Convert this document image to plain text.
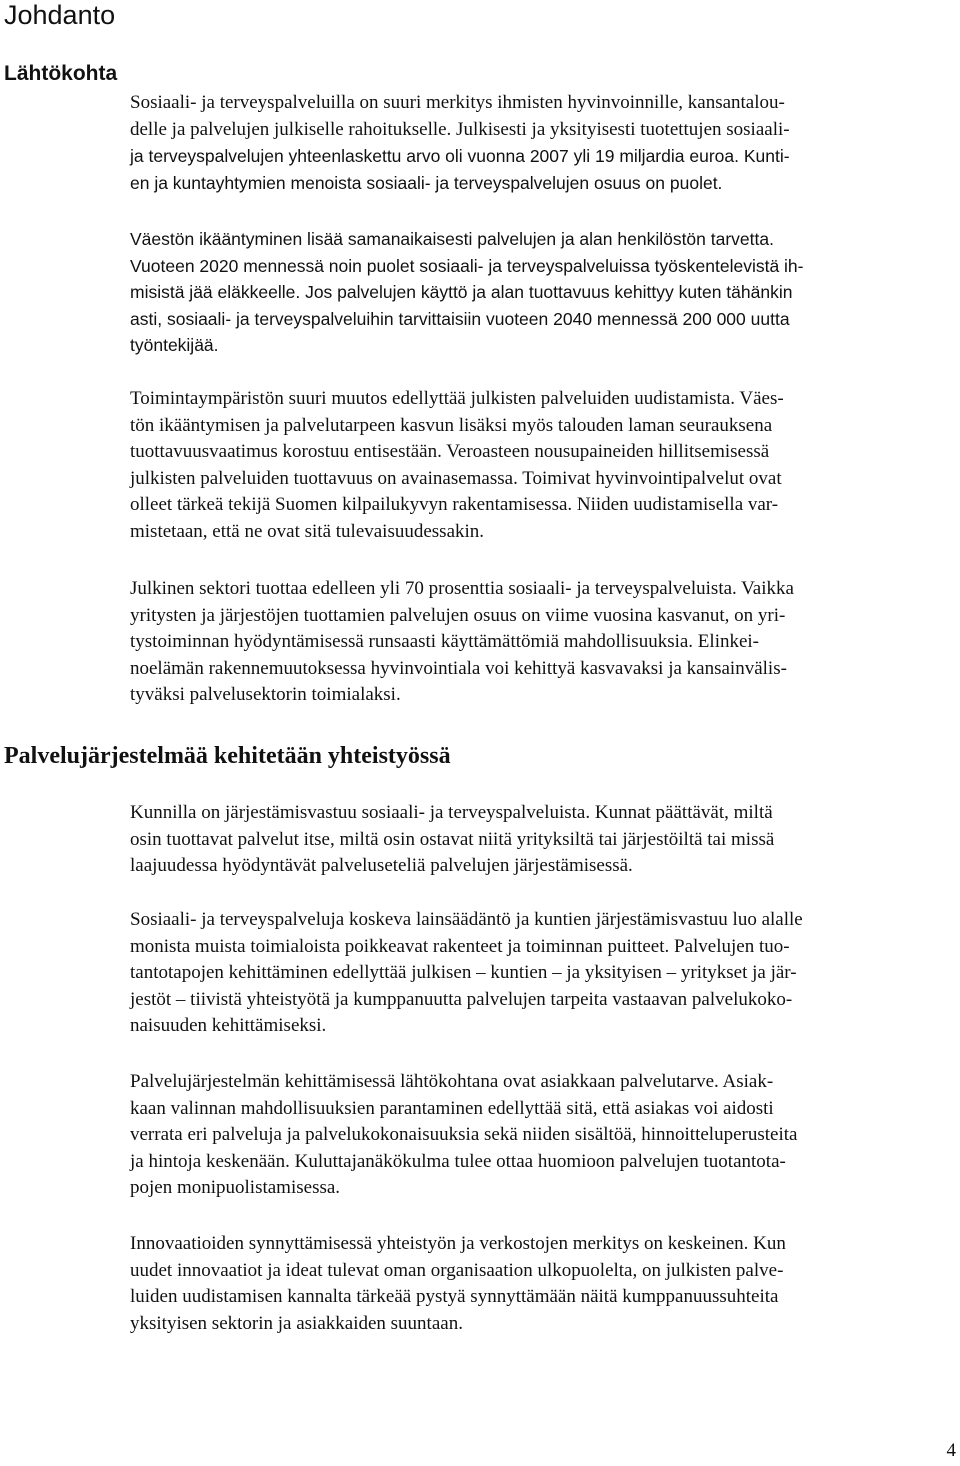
Johdanto
Lähtökohta

Sosiaali- ja terveyspalveluilla on suuri merkitys ihmisten hyvinvoinnille, kansantalou-
delle ja palvelujen julkiselle rahoitukselle. Julkisesti ja yksityisesti tuotettujen sosiaali-
ja terveyspalvelujen yhteenlaskettu arvo oli vuonna 2007 yli 19 miljardia euroa. Kunti-
en ja kuntayhtymien menoista sosiaali- ja terveyspalvelujen osuus on puolet.

Väestön ikääntyminen lisää samanaikaisesti palvelujen ja alan henkilöstön tarvetta.
Vuoteen 2020 mennessä noin puolet sosiaali- ja terveyspalveluissa työskentelevistä ih-
misistä jää eläkkeelle. Jos palvelujen käyttö ja alan tuottavuus kehittyy kuten tähänkin
asti, sosiaali- ja terveyspalveluihin tarvittaisiin vuoteen 2040 mennessä 200 000 uutta
työntekijää.

Toimintaympäristön suuri muutos edellyttää julkisten palveluiden uudistamista. Väes-
tön ikääntymisen ja palvelutarpeen kasvun lisäksi myös talouden laman seurauksena
tuottavuusvaatimus korostuu entisestään. Veroasteen nousupaineiden hillitsemisessä
julkisten palveluiden tuottavuus on avainasemassa. Toimivat hyvinvointipalvelut ovat
olleet tärkeä tekijä Suomen kilpailukyvyn rakentamisessa. Niiden uudistamisella var-
mistetaan, että ne ovat sitä tulevaisuudessakin.

Julkinen sektori tuottaa edelleen yli 70 prosenttia sosiaali- ja terveyspalveluista. Vaikka
yritysten ja järjestöjen tuottamien palvelujen osuus on viime vuosina kasvanut, on yri-
tystoiminnan hyödyntämisessä runsaasti käyttämättömiä mahdollisuuksia. Elinkei-
noelämän rakennemuutoksessa hyvinvointiala voi kehittyä kasvavaksi ja kansainvälis-
tyväksi palvelusektorin toimialaksi.

Palvelujärjestelmää kehitetään yhteistyössä

Kunnilla on järjestämisvastuu sosiaali- ja terveyspalveluista. Kunnat päättävät, miltä
osin tuottavat palvelut itse, miltä osin ostavat niitä yrityksiltä tai järjestöiltä tai missä
laajuudessa hyödyntävät palveluseteliä palvelujen järjestämisessä.

Sosiaali- ja terveyspalveluja koskeva lainsäädäntö ja kuntien järjestämisvastuu luo alalle
monista muista toimialoista poikkeavat rakenteet ja toiminnan puitteet. Palvelujen tuo-
tantotapojen kehittäminen edellyttää julkisen – kuntien – ja yksityisen – yritykset ja jär-
jestöt – tiivistä yhteistyötä ja kumppanuutta palvelujen tarpeita vastaavan palvelukoko-
naisuuden kehittämiseksi.

Palvelujärjestelmän kehittämisessä lähtökohtana ovat asiakkaan palvelutarve. Asiak-
kaan valinnan mahdollisuuksien parantaminen edellyttää sitä, että asiakas voi aidosti
verrata eri palveluja ja palvelukokonaisuuksia sekä niiden sisältöä, hinnoitteluperusteita
ja hintoja keskenään. Kuluttajanäkökulma tulee ottaa huomioon palvelujen tuotantota-
pojen monipuolistamisessa.

Innovaatioiden synnyttämisessä yhteistyön ja verkostojen merkitys on keskeinen. Kun
uudet innovaatiot ja ideat tulevat oman organisaation ulkopuolelta, on julkisten palve-
luiden uudistamisen kannalta tärkeää pystyä synnyttämään näitä kumppanuussuhteita
yksityisen sektorin ja asiakkaiden suuntaan.

4
